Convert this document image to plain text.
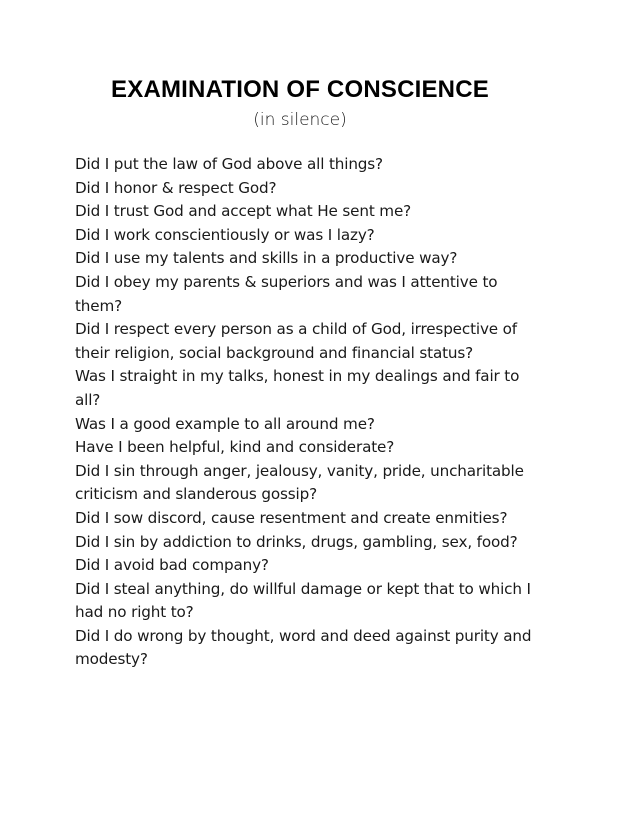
EXAMINATION OF CONSCIENCE
(in silence)
Did I put the law of God above all things?
Did I honor & respect God?
Did I trust God and accept what He sent me?
Did I work conscientiously or was I lazy?
Did I use my talents and skills in a productive way?
Did I obey my parents & superiors and was I attentive to them?
Did I respect every person as a child of God, irrespective of their religion, social background and financial status?
Was I straight in my talks, honest in my dealings and fair to all?
Was I a good example to all around me?
Have I been helpful, kind and considerate?
Did I sin through anger, jealousy, vanity, pride, uncharitable criticism and slanderous gossip?
Did I sow discord, cause resentment and create enmities?
Did I sin by addiction to drinks, drugs, gambling, sex, food?
Did I avoid bad company?
Did I steal anything, do willful damage or kept that to which I had no right to?
Did I do wrong by thought, word and deed against purity and modesty?
